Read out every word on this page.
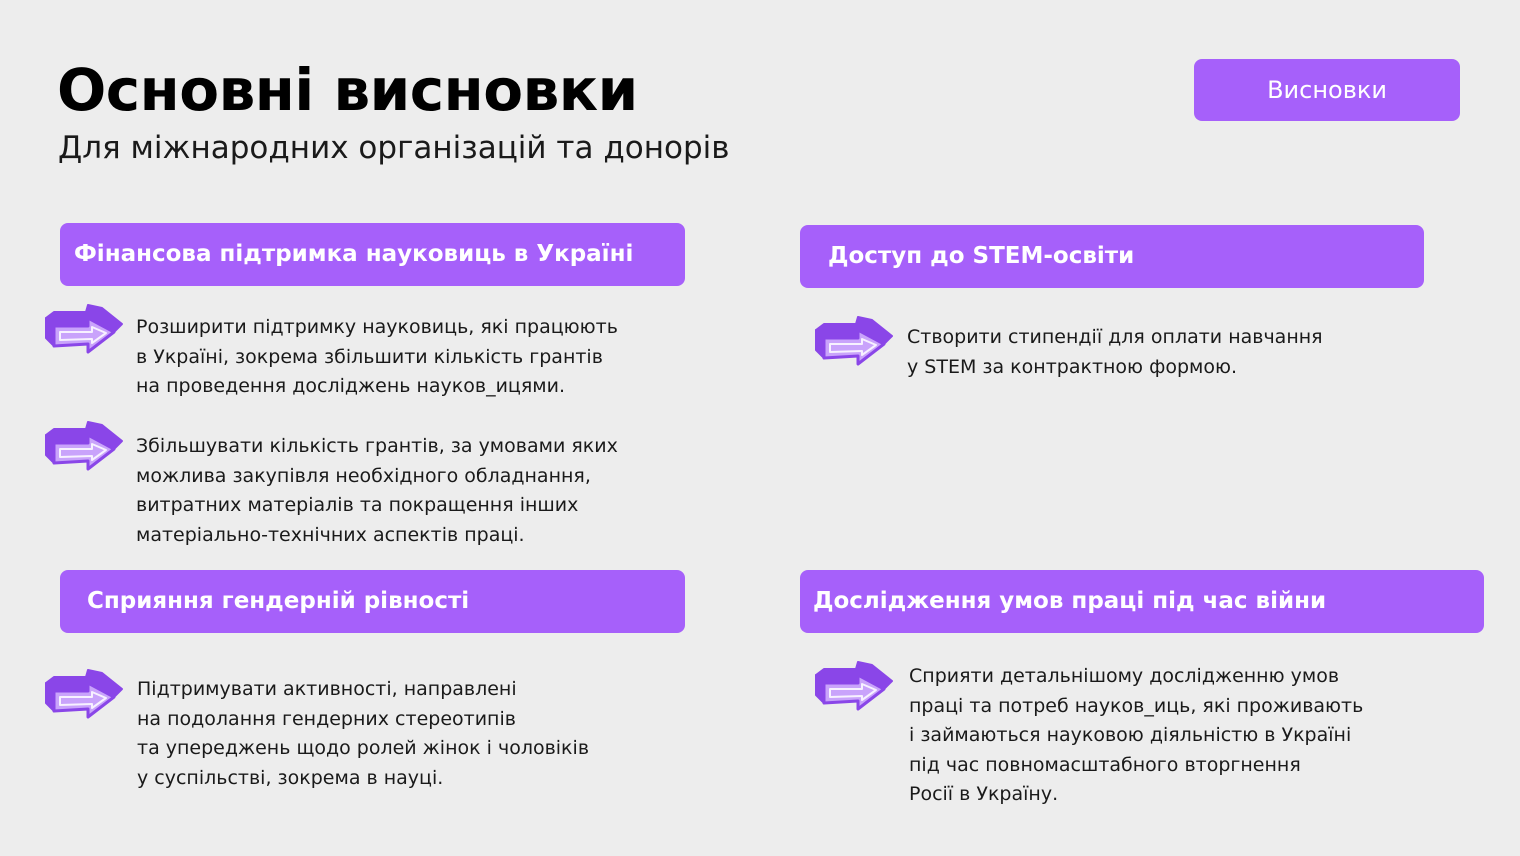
Основні висновки
Для міжнародних організацій та донорів
Висновки
Фінансова підтримка науковиць в Україні	Доступ до STEM-освіти
Сприяння гендерній рівності	Дослідження умов праці під час війни
Розширити підтримку науковиць, які працюють
в Україні, зокрема збільшити кількість грантів
на проведення досліджень науков_ицями.
Збільшувати кількість грантів, за умовами яких
можлива закупівля необхідного обладнання,
витратних матеріалів та покращення інших
матеріально-технічних аспектів праці.
Створити стипендії для оплати навчання
у STEM за контрактною формою.
Підтримувати активності, направлені
на подолання гендерних стереотипів
та упереджень щодо ролей жінок і чоловіків
у суспільстві, зокрема в науці.
Сприяти детальнішому дослідженню умов
праці та потреб науков_иць, які проживають
і займаються науковою діяльністю в Україні
під час повномасштабного вторгнення
Росії в Україну.
